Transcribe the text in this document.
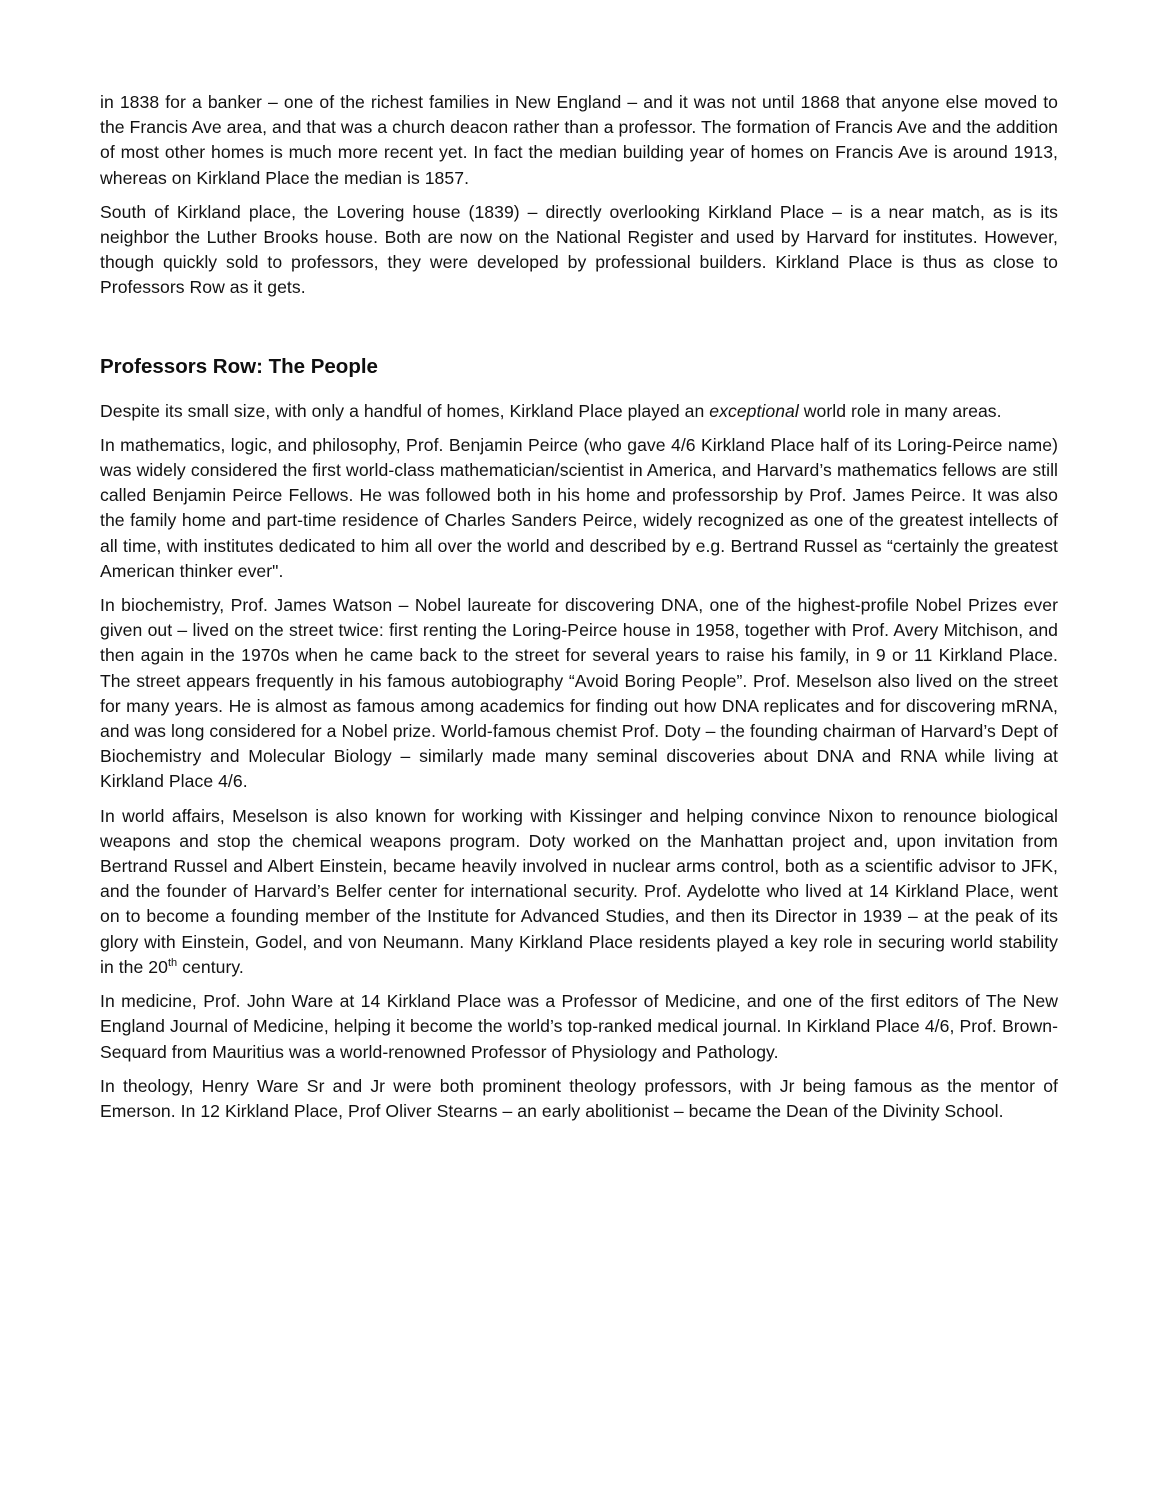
in 1838 for a banker – one of the richest families in New England – and it was not until 1868 that anyone else moved to the Francis Ave area, and that was a church deacon rather than a professor. The formation of Francis Ave and the addition of most other homes is much more recent yet. In fact the median building year of homes on Francis Ave is around 1913, whereas on Kirkland Place the median is 1857.

South of Kirkland place, the Lovering house (1839) – directly overlooking Kirkland Place – is a near match, as is its neighbor the Luther Brooks house. Both are now on the National Register and used by Harvard for institutes. However, though quickly sold to professors, they were developed by professional builders. Kirkland Place is thus as close to Professors Row as it gets.

Professors Row: The People

Despite its small size, with only a handful of homes, Kirkland Place played an exceptional world role in many areas.

In mathematics, logic, and philosophy, Prof. Benjamin Peirce (who gave 4/6 Kirkland Place half of its Loring-Peirce name) was widely considered the first world-class mathematician/scientist in America, and Harvard’s mathematics fellows are still called Benjamin Peirce Fellows. He was followed both in his home and professorship by Prof. James Peirce. It was also the family home and part-time residence of Charles Sanders Peirce, widely recognized as one of the greatest intellects of all time, with institutes dedicated to him all over the world and described by e.g. Bertrand Russel as “certainly the greatest American thinker ever".

In biochemistry, Prof. James Watson – Nobel laureate for discovering DNA, one of the highest-profile Nobel Prizes ever given out – lived on the street twice: first renting the Loring-Peirce house in 1958, together with Prof. Avery Mitchison, and then again in the 1970s when he came back to the street for several years to raise his family, in 9 or 11 Kirkland Place. The street appears frequently in his famous autobiography “Avoid Boring People”. Prof. Meselson also lived on the street for many years. He is almost as famous among academics for finding out how DNA replicates and for discovering mRNA, and was long considered for a Nobel prize. World-famous chemist Prof. Doty – the founding chairman of Harvard’s Dept of Biochemistry and Molecular Biology – similarly made many seminal discoveries about DNA and RNA while living at Kirkland Place 4/6.

In world affairs, Meselson is also known for working with Kissinger and helping convince Nixon to renounce biological weapons and stop the chemical weapons program. Doty worked on the Manhattan project and, upon invitation from Bertrand Russel and Albert Einstein, became heavily involved in nuclear arms control, both as a scientific advisor to JFK, and the founder of Harvard’s Belfer center for international security. Prof. Aydelotte who lived at 14 Kirkland Place, went on to become a founding member of the Institute for Advanced Studies, and then its Director in 1939 – at the peak of its glory with Einstein, Godel, and von Neumann. Many Kirkland Place residents played a key role in securing world stability in the 20th century.

In medicine, Prof. John Ware at 14 Kirkland Place was a Professor of Medicine, and one of the first editors of The New England Journal of Medicine, helping it become the world’s top-ranked medical journal. In Kirkland Place 4/6, Prof. Brown-Sequard from Mauritius was a world-renowned Professor of Physiology and Pathology.

In theology, Henry Ware Sr and Jr were both prominent theology professors, with Jr being famous as the mentor of Emerson. In 12 Kirkland Place, Prof Oliver Stearns – an early abolitionist – became the Dean of the Divinity School.
